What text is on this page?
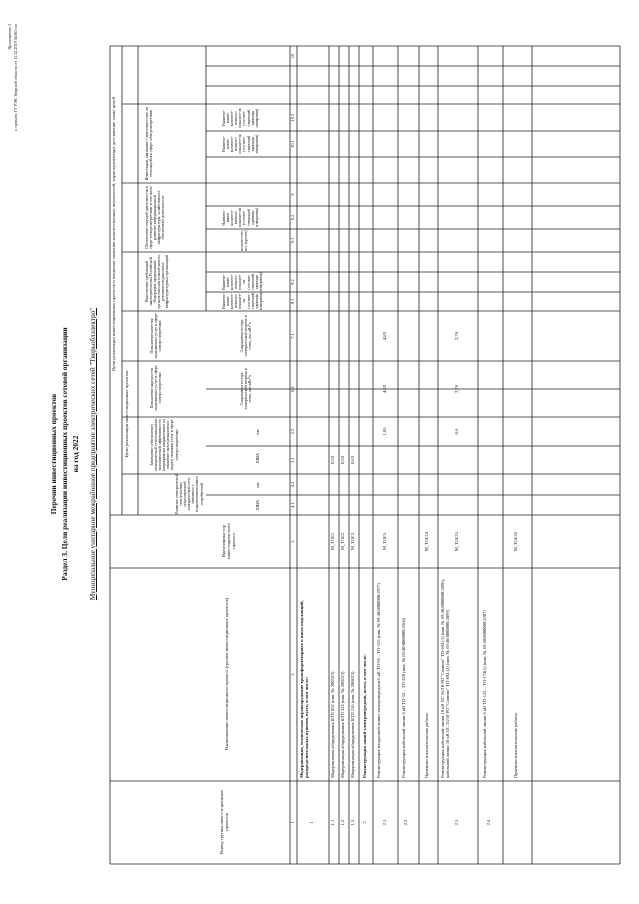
Приложение 3 к приказу ГУ РЭК Тверской области от 11.12.2019 №561-нп
Перечни инвестиционных проектов Раздел 3. Цели реализации инвестиционных проектов сетевой организации на год 2022 Муниципальное унитарное межрайонное предприятие электрических сетей "Тверьоблэлектро"
Номер группы инвести-ционных проектов
Наименование инвестиционного проекта (группы инвестиционных проектов)
Идентифика-тор инвестицион-ного проекта
Цели реализации инвестиционных проектов и плановые значения количественных показателей, характеризующих достижение таких целей
Цели реализации инвестиционных проектов
Развитие электрической сети/усиление существующей электрической сети, связанное с подключением новых потребителей
Замещение (обновление) электрической сети/повышение экономической эффективности (мероприятия направленные на снижение эксплуатационных затрат) оказания услуг в сфере электроэнергетики
Повышение надежности оказываемых услуг в сфере электроэнергетики
Повышение качества оказываемых услуг в сфере электроэнергетики
Выполнение требований законодательства Российской Федерации, предписаний органов исполнительной власти, регламентов рыночных инфраструктурных организаций
Обеспечение текущей деятельности в сфере электроэнергетики, в том числе развитие информационной инфраструктуры, хозяйственное обеспечение деятельности
Инвестиции, связанные с деятельностью, не относящейся к сфере электроэнергетики
МВА
км
МВА
км
Сокращение потерь электрической энергии в сетях, тыс.кВт*ч
Сокращение потерь электрической энергии в сетях, тыс.кВт*ч
Наимено-вание количест-венного показате-ля (соответ-ствующей единицы измерения)
Наимено-вание количест-венного показате-ля (соответ-ствующей единицы измерения)
количест-во, шт. (прочее)
Наимено-вание количест-венного показате-ля (соответ-ствующей единицы измерения)
Наимено-вание количест-венного показате-ля (соответ-ствующей единицы измерения)
Наимено-вание количест-венного показате-ля (соответ-ствующей единицы измерения)
1
2
3
4.1
4.2
5.1
5.2
6.1
7.1
8.1
8.2
9.1
9.2
9
10.1
10.2
10
1
Модернизация, техническое перевооружение трансформаторных и иных подстанций, распределительных пунктов, всего, в том числе:
1.1
Модернизация оборудования КТП 852 (инв. № 20052Э)
M_TGE1
0,63
1.2
Модернизация оборудования КТП 324 (инв. № 20023Э)
M_TGE2
0,63
1.3
Модернизация оборудования КТП 316 (инв. № 20063Э)
M_TGE3
0,63
2
Реконструкция линий электропередачи, всего, в том числе:
2.1
Реконструкция воздушной линии электропередачи 6 кВ ТП-95 – ТП-153 (инв. № 69:40:0000000:2977)
M_TGE5
1,05
4,83
4,83
2.2
Реконструкция кабельной линии 6 кВ ТП-52 – ТП-220 (инв. № 69:40:0000000:2366)	Проектно-изыскательские работы
M_TGE14
2.3
Реконструкция кабельной линии 10 кВ ПС 35/10 РП "Сомино" ТП-694 (1) (инв. № 69:40:0000000:2896), кабельной линии 10 кВ ПС 35/10 РП "Сомино" ТП-694 (2) (инв. № 69:40:0000000:2899)
M_TGE15
0,6
2,76
2,76
2.4
Реконструкция кабельной линии 6 кВ ТП-122 – ТП-174(1) (инв. № 69:40:0000000:2287)	Проектно-изыскательские работы
M_TGE16
